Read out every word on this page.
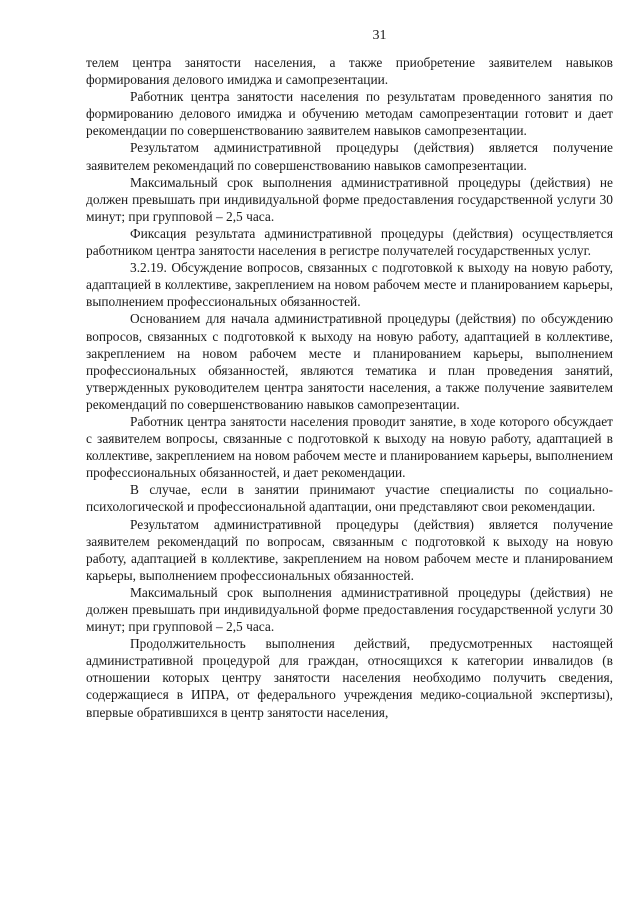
31

телем центра занятости населения, а также приобретение заявителем навыков формирования делового имиджа и самопрезентации.

Работник центра занятости населения по результатам проведенного занятия по формированию делового имиджа и обучению методам самопрезентации готовит и дает рекомендации по совершенствованию заявителем навыков самопрезентации.

Результатом административной процедуры (действия) является получение заявителем рекомендаций по совершенствованию навыков самопрезентации.

Максимальный срок выполнения административной процедуры (действия) не должен превышать при индивидуальной форме предоставления государственной услуги 30 минут; при групповой – 2,5 часа.

Фиксация результата административной процедуры (действия) осуществляется работником центра занятости населения в регистре получателей государственных услуг.

3.2.19. Обсуждение вопросов, связанных с подготовкой к выходу на новую работу, адаптацией в коллективе, закреплением на новом рабочем месте и планированием карьеры, выполнением профессиональных обязанностей.

Основанием для начала административной процедуры (действия) по обсуждению вопросов, связанных с подготовкой к выходу на новую работу, адаптацией в коллективе, закреплением на новом рабочем месте и планированием карьеры, выполнением профессиональных обязанностей, являются тематика и план проведения занятий, утвержденных руководителем центра занятости населения, а также получение заявителем рекомендаций по совершенствованию навыков самопрезентации.

Работник центра занятости населения проводит занятие, в ходе которого обсуждает с заявителем вопросы, связанные с подготовкой к выходу на новую работу, адаптацией в коллективе, закреплением на новом рабочем месте и планированием карьеры, выполнением профессиональных обязанностей, и дает рекомендации.

В случае, если в занятии принимают участие специалисты по социально-психологической и профессиональной адаптации, они представляют свои рекомендации.

Результатом административной процедуры (действия) является получение заявителем рекомендаций по вопросам, связанным с подготовкой к выходу на новую работу, адаптацией в коллективе, закреплением на новом рабочем месте и планированием карьеры, выполнением профессиональных обязанностей.

Максимальный срок выполнения административной процедуры (действия) не должен превышать при индивидуальной форме предоставления государственной услуги 30 минут; при групповой – 2,5 часа.

Продолжительность выполнения действий, предусмотренных настоящей административной процедурой для граждан, относящихся к категории инвалидов (в отношении которых центру занятости населения необходимо получить сведения, содержащиеся в ИПРА, от федерального учреждения медико-социальной экспертизы), впервые обратившихся в центр занятости населения,
